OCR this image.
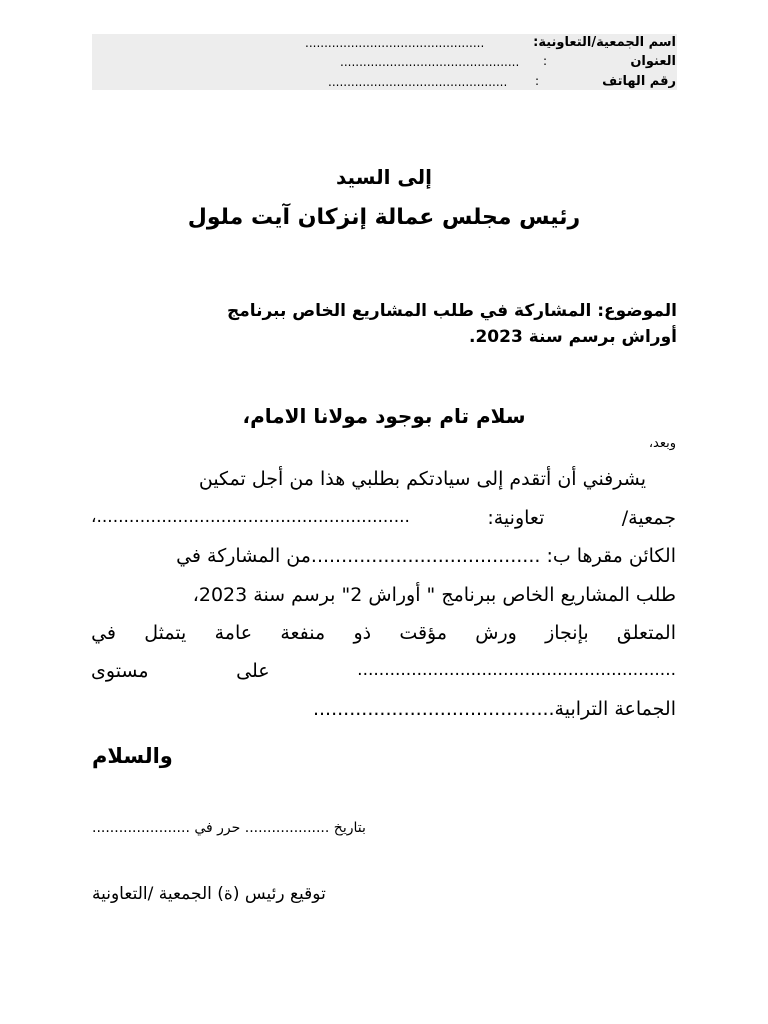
...............................................	اسم الجمعية/التعاونية:
............................................... :	العنوان
............................................... :	رقم الهاتف
إلى السيد
رئيس مجلس عمالة إنزكان آيت ملول
الموضوع: المشاركة في طلب المشاريع الخاص ببرنامج
أوراش برسم سنة 2023.
سلام تام بوجود مولانا الامام،
وبعد،
يشرفني أن أتقدم إلى سيادتكم بطلبي هذا من أجل تمكين
جمعية/
تعاونية:
..........................................................،
الكائن مقرها ب: ......................................من المشاركة في
طلب المشاريع الخاص ببرنامج " أوراش 2" برسم سنة 2023،
المتعلق
بإنجاز
ورش
مؤقت
ذو
منفعة
عامة
يتمثل
في
...........................................................
على
مستوى
الجماعة الترابية........................................
والسلام
......................	بتاريخ ................... حرر في
توقيع رئيس (ة) الجمعية /التعاونية
